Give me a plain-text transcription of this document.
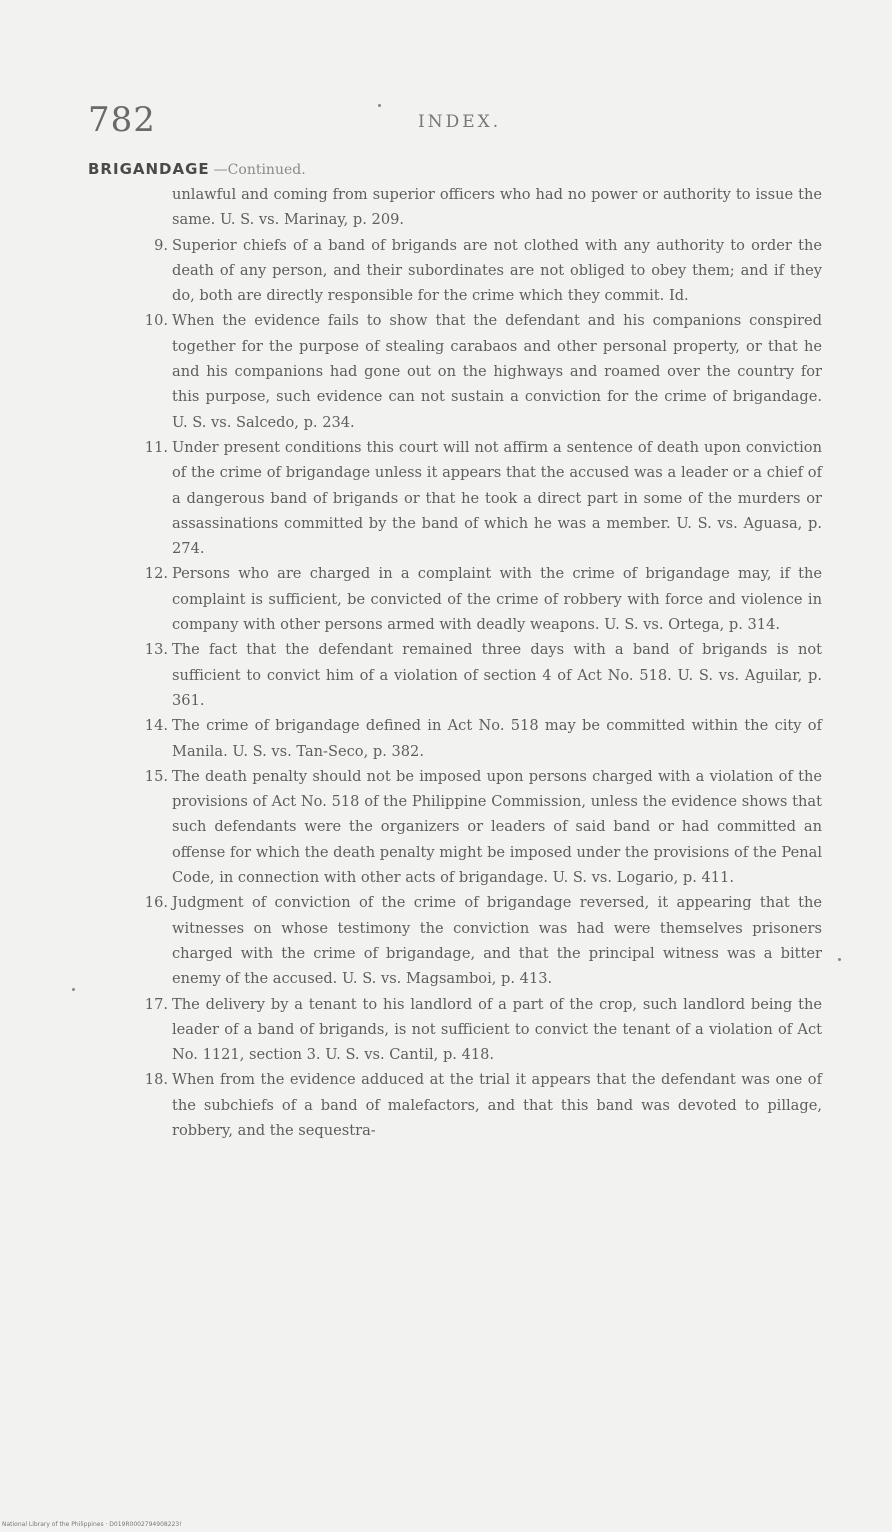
782	INDEX.
BRIGANDAGE —Continued.

unlawful and coming from superior officers who had no power or authority to issue the same. U. S. vs. Marinay, p. 209.

9. Superior chiefs of a band of brigands are not clothed with any authority to order the death of any person, and their subordinates are not obliged to obey them; and if they do, both are directly responsible for the crime which they commit. Id.

10. When the evidence fails to show that the defendant and his companions conspired together for the purpose of stealing carabaos and other personal property, or that he and his companions had gone out on the highways and roamed over the country for this purpose, such evidence can not sustain a conviction for the crime of brigandage. U. S. vs. Salcedo, p. 234.

11. Under present conditions this court will not affirm a sentence of death upon conviction of the crime of brigandage unless it appears that the accused was a leader or a chief of a dangerous band of brigands or that he took a direct part in some of the murders or assassinations committed by the band of which he was a member. U. S. vs. Aguasa, p. 274.

12. Persons who are charged in a complaint with the crime of brigandage may, if the complaint is sufficient, be convicted of the crime of robbery with force and violence in company with other persons armed with deadly weapons. U. S. vs. Ortega, p. 314.

13. The fact that the defendant remained three days with a band of brigands is not sufficient to convict him of a violation of section 4 of Act No. 518. U. S. vs. Aguilar, p. 361.

14. The crime of brigandage defined in Act No. 518 may be committed within the city of Manila. U. S. vs. Tan-Seco, p. 382.

15. The death penalty should not be imposed upon persons charged with a violation of the provisions of Act No. 518 of the Philippine Commission, unless the evidence shows that such defendants were the organizers or leaders of said band or had committed an offense for which the death penalty might be imposed under the provisions of the Penal Code, in connection with other acts of brigandage. U. S. vs. Logario, p. 411.

16. Judgment of conviction of the crime of brigandage reversed, it appearing that the witnesses on whose testimony the conviction was had were themselves prisoners charged with the crime of brigandage, and that the principal witness was a bitter enemy of the accused. U. S. vs. Magsamboi, p. 413.

17. The delivery by a tenant to his landlord of a part of the crop, such landlord being the leader of a band of brigands, is not sufficient to convict the tenant of a violation of Act No. 1121, section 3. U. S. vs. Cantil, p. 418.

18. When from the evidence adduced at the trial it appears that the defendant was one of the subchiefs of a band of malefactors, and that this band was devoted to pillage, robbery, and the sequestra-

National Library of the Philippines · D019R0002794908223!
